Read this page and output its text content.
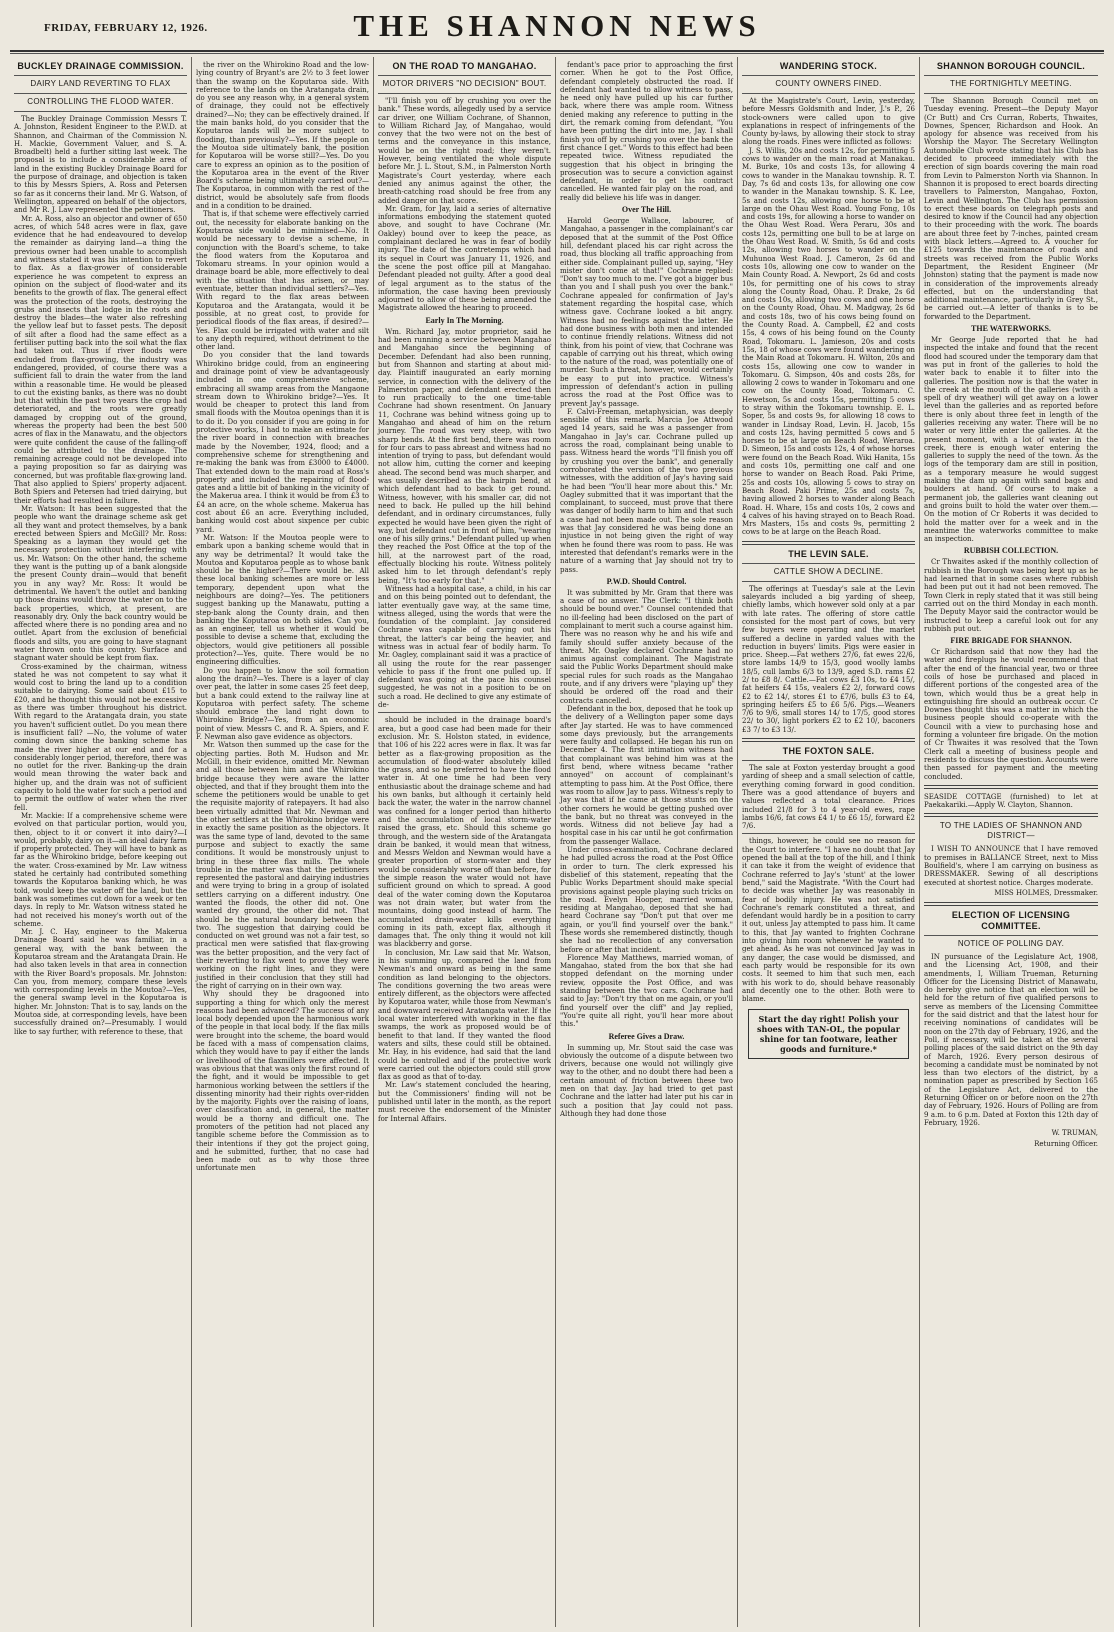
FRIDAY, FEBRUARY 12, 1926.	THE SHANNON NEWS
BUCKLEY DRAINAGE COMMISSION.
DAIRY LAND REVERTING TO FLAX
CONTROLLING THE FLOOD WATER.

The Buckley Drainage Commission Messrs T. A. Johnston, Resident Engineer to the P.W.D. at Shannon, and Chairman of the Commission N. H. Mackie, Government Valuer, and S. A. Broadbelt) held a further sitting last week. The proposal is to include a considerable area of land in the existing Buckley Drainage Board for the purpose of drainage, and objection is taken to this by Messrs Spiers, A. Ross and Petersen so far as it concerns their land. Mr G. Watson, of Wellington, appeared on behalf of the objectors, and Mr R. J. Law represented the petitioners.

Mr. A. Ross, also an objector and owner of 650 acres, of which 548 acres were in flax, gave evidence that he had endeavoured to develop the remainder as dairying land—a thing the previous owner had been unable to accomplish and witness stated it was his intention to revert to flax. As a flax-grower of considerable experience he was competent to express an opinion on the subject of flood-water and its benefits to the growth of flax. The general effect was the protection of the roots, destroying the grubs and insects that lodge in the roots and destroy the blades—the water also refreshing the yellow leaf but to fasset pests. The deposit of silt after a flood had the same effect as a fertiliser putting back into the soil what the flax had taken out. Thus if river floods were excluded from flax-growing, the industry was endangered, provided, of course there was a sufficient fall to drain the water from the land within a reasonable time. He would be pleased to cut the existing banks, as there was no doubt but that within the past two years the crop had deteriorated, and the roots were greatly damaged by cropping out of the ground, whereas the property had been the best 500 acres of flax in the Manawatu, and the objectors were quite confident the cause of the falling-off could be attributed to the drainage. The remaining acreage could not be developed into a paying proposition so far as dairying was concerned, but was profitable flax-growing land. That also applied to Spiers' property adjacent. Both Spiers and Petersen had tried dairying, but their efforts had resulted in failure.

Mr. Watson: It has been suggested that the people who want the drainage scheme ask get all they want and protect themselves, by a bank erected between Spiers and McGill? Mr. Ross: Speaking as a layman they would get the necessary protection without interfering with us. Mr. Watson: On the other hand, the scheme they want is the putting up of a bank alongside the present County drain—would that benefit you in any way? Mr. Ross: It would be detrimental. We haven't the outlet and banking up those drains would throw the water on to the back properties, which, at present, are reasonably dry. Only the back country would be affected where there is no ponding area and no outlet. Apart from the exclusion of beneficial floods and silts, you are going to have stagnant water thrown onto this country. Surface and stagnant water should be kept from flax.

Cross-examined by the chairman, witness stated he was not competent to say what it would cost to bring the land up to a condition suitable to dairying. Some said about £15 to £20, and he thought this would not be excessive as there was timber throughout his district. With regard to the Aratangata drain, you state you haven't sufficient outlet. Do you mean there is insufficient fall? —No, the volume of water coming down since the banking scheme has made the river higher at our end and for a considerably longer period, therefore, there was no outlet for the river. Banking-up the drain would mean throwing the water back and higher up, and the drain was not of sufficient capacity to hold the water for such a period and to permit the outflow of water when the river fell.

Mr. Mackie: If a comprehensive scheme were evolved on that particular portion, would you, then, object to it or convert it into dairy?—I would, probably, dairy on it—an ideal dairy farm if properly protected. They will have to bank as far as the Whirokino bridge, before keeping out the water. Cross-examined by Mr. Law witness stated he certainly had contributed something towards the Koputaroa banking which, he was told, would keep the water off the land, but the bank was sometimes cut down for a week or ten days. In reply to Mr. Watson witness stated he had not received his money's worth out of the scheme.

Mr. J. C. Hay, engineer to the Makerua Drainage Board said he was familiar, in a general way, with the bank between the Koputaroa stream and the Aratangata Drain. He had also taken levels in that area in connection with the River Board's proposals. Mr. Johnston: Can you, from memory, compare these levels with corresponding levels in the Moutoa?—Yes, the general swamp level in the Koputaroa is higher. Mr. Johnston: That is to say, lands on the Moutoa side, at corresponding levels, have been successfully drained on?—Presumably. I would like to say further, with reference to these, that

the river on the Whirokino Road and the low-lying country of Bryant's are 2½ to 3 feet lower than the swamp on the Koputaroa side. With reference to the lands on the Aratangata drain, do you see any reason why, in a general system of drainage, they could not be effectively drained?—No; they can be effectively drained. If the main banks hold, do you consider that the Koputaroa lands will be more subject to flooding, than previously?—Yes. If the people on the Moutoa side ultimately bank, the position for Koputaroa will be worse still?—Yes. Do you care to express an opinion as to the position of the Koputaroa area in the event of the River Board's scheme being ultimately carried out?—The Koputaroa, in common with the rest of the district, would be absolutely safe from floods and in a condition to be drained.

That is, if that scheme were effectively carried out, the necessity for elaborate banking on the Koputaroa side would be minimised—No. It would be necessary to devise a scheme, in conjunction with the Board's scheme, to take the flood waters from the Koputaroa and Tokomaru streams. In your opinion would a drainage board be able, more effectively to deal with the situation that has arisen, or may eventuate, better than individual settlers?—Yes. With regard to the flax areas between Koputaroa and the Aratangata, would it be possible, at no great cost, to provide for periodical floods of the flax areas, if desired?—Yes. Flax could be irrigated with water and silt to any depth required, without detriment to the other land.

Do you consider that the land towards Whirokino bridge could, from an engineering and drainage point of view be advantageously included in one comprehensive scheme, embracing all swamp areas from the Mangaone stream down to Whirokino bridge?—Yes. It would be cheaper to protect this land from small floods with the Moutoa openings than it is to do it. Do you consider if you are going in for protective works, I had to make an estimate for the river board in connection with breaches made by the November, 1924, flood; and a comprehensive scheme for strengthening and re-making the bank was from £3000 to £4000. That extended down to the main road at Ross's property and included the repairing of flood-gates and a little bit of banking in the vicinity of the Makerua area. I think it would be from £3 to £4 an acre, on the whole scheme. Makerua has cost about £6 an acre. Everything included, banking would cost about sixpence per cubic yard.

Mr. Watson: If the Moutoa people were to embark upon a banking scheme would that in any way be detrimental? It would take the Moutoa and Koputaroa people as to whose bank should be the higher?—There would be. All these local banking schemes are more or less temporary, dependent upon what the neighbours are doing?—Yes. The petitioners suggest banking up the Manawatu, putting a step-bank along the County drain, and then banking the Koputaroa on both sides. Can you, as an engineer, tell us whether it would be possible to devise a scheme that, excluding the objectors, would give petitioners all possible protection?—Yes, quite. There would be no engineering difficulties.

Do you happen to know the soil formation along the drain?—Yes. There is a layer of clay over peat, the latter in some cases 25 feet deep, but a bank could extend to the railway line at Koputaroa with perfect safety. The scheme should embrace the land right down to Whirokino Bridge?—Yes, from an economic point of view. Messrs C. and R. A. Spiers, and F. F. Newman also gave evidence as objectors.

Mr. Watson then summed up the case for the objecting parties. Both M. Hudson and Mr. McGill, in their evidence, omitted Mr. Newman and all those between him and the Whirokino bridge because they were aware the latter objected, and that if they brought them into the scheme the petitioners would be unable to get the requisite majority of ratepayers. It had also been virtually admitted that Mr. Newman and the other settlers at the Whirokino bridge were in exactly the same position as the objectors. It was the same type of land, devoted to the same purpose and subject to exactly the same conditions. It would be monstrously unjust to bring in these three flax mills. The whole trouble in the matter was that the petitioners represented the pastoral and dairying industries and were trying to bring in a group of isolated settlers carrying on a different industry. One wanted the floods, the other did not. One wanted dry ground, the other did not. That should be the natural boundary between the two. The suggestion that dairying could be conducted on wet ground was not a fair test, so practical men were satisfied that flax-growing was the better proposition, and the very fact of their reverting to flax went to prove they were working on the right lines, and they were justified in their conclusion that they still had the right of carrying on in their own way.

Why should they be dragooned into supporting a thing for which only the merest reasons had been advanced? The success of any local body depended upon the harmonious work of the people in that local body. If the flax mills were brought into the scheme, the board would be faced with a mass of compensation claims, which they would have to pay if either the lands or livelihood of the flaxmillers were affected. It was obvious that that was only the first round of the fight, and it would be impossible to get harmonious working between the settlers if the dissenting minority had their rights over-ridden by the majority. Fights over the raising of loans, over classification and, in general, the matter would be a thorny and difficult one. The promoters of the petition had not placed any tangible scheme before the Commission as to their intentions if they got the project going, and he submitted, further, that no case had been made out as to why those three unfortunate men

ON THE ROAD TO MANGAHAO.
MOTOR DRIVERS "NO DECISION" BOUT.

"I'll finish you off by crushing you over the bank." These words, allegedly used by a service car driver, one William Cochrane, of Shannon, to William Richard Jay, of Mangahao, would convey that the two were not on the best of terms and the conveyance in this instance, would be on the right road; they weren't. However, being ventilated the whole dispute before Mr. J. L. Stout, S.M., in Palmerston North Magistrate's Court yesterday, where each denied any animus against the other, the breath-catching road should be free from any added danger on that score.

Mr. Gram, for Jay, laid a series of alternative informations embodying the statement quoted above, and sought to have Cochrane (Mr. Oakley) bound over to keep the peace, as complainant declared he was in fear of bodily injury. The date of the contretemps which had its sequel in Court was January 11, 1926, and the scene the post office pill at Mangahao. Defendant pleaded not guilty. After a good deal of legal argument as to the status of the information, the case having been previously adjourned to allow of these being amended the Magistrate allowed the hearing to proceed.

Early In The Morning.

Wm. Richard Jay, motor proprietor, said he had been running a service between Mangahao and Mangahao since the beginning of December. Defendant had also been running, but from Shannon and starting at about mid-day. Plaintiff inaugurated an early morning service, in connection with the delivery of the Palmerston paper, and defendant erected then to run practically to the one time-table Cochrane had shown resentment. On January 11, Cochrane was behind witness going up to Mangahao and ahead of him on the return journey. The road was very steep, with two sharp bends. At the first bend, there was room for four cars to pass abreast and witness had no intention of trying to pass, but defendant would not allow him, cutting the corner and keeping ahead. The second bend was much sharper, and was usually described as the hairpin bend, at which defendant had to back to get round. Witness, however, with his smaller car, did not need to back. He pulled up the hill behind defendant, and in ordinary circumstances, fully expected he would have been given the right of way, but defendant cut in front of him, "wearing one of his silly grins." Defendant pulled up when they reached the Post Office at the top of the hill, at the narrowest part of the road, effectually blocking his route. Witness politely asked him to let through defendant's reply being, "It's too early for that."

Witness had a hospital case, a child, in his car and on this being pointed out to defendant, the latter eventually gave way, at the same time, witness alleged, using the words that were the foundation of the complaint. Jay considered Cochrane was capable of carrying out his threat, the latter's car being the heavier, and witness was in actual fear of bodily harm. To Mr. Oagley, complainant said it was a practice of all using the route for the rear passenger vehicle to pass if the front one pulled up. If defendant was going at the pace his counsel suggested, he was not in a position to be on such a road. He declined to give any estimate of de-

should be included in the drainage board's area, but a good case had been made for their exclusion. Mr. S. Holston stated, in evidence, that 106 of his 222 acres were in flax. It was far better as a flax-growing proposition as the accumulation of flood-water absolutely killed the grass, and so he preferred to have the flood water in. At one time he had been very enthusiastic about the drainage scheme and had his own banks, but although it certainly held back the water, the water in the narrow channel was confined for a longer period than hitherto and the accumulation of local storm-water raised the grass, etc. Should this scheme go through, and the western side of the Aratangata drain be banked, it would mean that witness, and Messrs Weldon and Newman would have a greater proportion of storm-water and they would be considerably worse off than before, for the simple reason the water would not have sufficient ground on which to spread. A good deal of the water coming down the Koputaroa was not drain water, but water from the mountains, doing good instead of harm. The accumulated drain-water kills everything coming in its path, except flax, although it damages that. The only thing it would not kill was blackberry and gorse.

In conclusion, Mr. Law said that Mr. Watson, in his summing up, compared the land from Newman's and onward as being in the same condition as land belonging to the objectors. The conditions governing the two areas were entirely different, as the objectors were affected by Koputaroa water, while those from Newman's and downward received Aratangata water. If the local water interfered with working in the flax swamps, the work as proposed would be of benefit to that land. If they wanted the flood waters and silts, these could still be obtained. Mr. Hay, in his evidence, had said that the land could be controlled and if the protective work were carried out the objectors could still grow flax as good as that of to-day.

Mr. Law's statement concluded the hearing, but the Commissioners' finding will not be published until later in the month, as the report must receive the endorsement of the Minister for Internal Affairs.

fendant's pace prior to approaching the first corner. When he got to the Post Office, defendant completely obstructed the road. If defendant had wanted to allow witness to pass, he need only have pulled up his car further back, where there was ample room. Witness denied making any reference to putting in the dirt, the remark coming from defendant, "You have been putting the dirt into me, Jay. I shall finish you off by crushing you over the bank the first chance I get." Words to this effect had been repeated twice. Witness repudiated the suggestion that his object in bringing the prosecution was to secure a conviction against defendant, in order to get his contract cancelled. He wanted fair play on the road, and really did believe his life was in danger.

Over The Hill.

Harold George Wallace, labourer, of Mangahao, a passenger in the complainant's car deposed that at the summit of the Post Office hill, defendant placed his car right across the road, thus blocking all traffic approaching from either side. Complainant pulled up, saying, "Hey mister don't come at that!" Cochrane replied: "Don't say too much to me. I've got a bigger bus than you and I shall push you over the bank." Cochrane appealed for confirmation of Jay's statement regarding the hospital case, which witness gave. Cochrane looked a bit angry. Witness had no feelings against the latter. He had done business with both men and intended to continue friendly relations. Witness did not think, from his point of view, that Cochrane was capable of carrying out his threat, which owing to the nature of the road, was potentially one of murder. Such a threat, however, would certainly be easy to put into practice. Witness's impression of defendant's action in pulling across the road at the Post Office was to prevent Jay's passage.

F. Calvi-Freeman, metaphysician, was deeply sensible of this remark. Marcia Joe Attwood aged 14 years, said he was a passenger from Mangahao in Jay's car. Cochrane pulled up across the road, complainant being unable to pass. Witness heard the words "I'll finish you off by crushing you over the bank", and generally corroborated the version of the two previous witnesses, with the addition of Jay's having said he had been "You'll hear more about this." Mr. Oagley submitted that it was important that the complainant, to succeed, must prove that there was danger of bodily harm to him and that such a case had not been made out. The sole reason was that Jay considered he was being done an injustice in not being given the right of way when he found there was room to pass. He was interested that defendant's remarks were in the nature of a warning that Jay should not try to pass.

P.W.D. Should Control.

It was submitted by Mr. Gram that there was a case of no answer. The Clerk: "I think both should be bound over." Counsel contended that no ill-feeling had been disclosed on the part of complainant to merit such a course against him. There was no reason why he and his wife and family should suffer anxiety because of the threat. Mr. Oagley declared Cochrane had no animus against complainant. The Magistrate said the Public Works Department should make special rules for such roads as the Mangahao route, and if any drivers were "playing up" they should be ordered off the road and their contracts cancelled.

Defendant in the box, deposed that he took up the delivery of a Wellington paper some days after Jay started. He was to have commenced some days previously, but the arrangements were faulty and collapsed. He began his run on December 4. The first intimation witness had that complainant was behind him was at the first bend, where witness became "rather annoyed" on account of complainant's attempting to pass him. At the Post Office, there was room to allow Jay to pass. Witness's reply to Jay was that if he came at those stunts on the other corners he would be getting pushed over the bank, but no threat was conveyed in the words. Witness did not believe Jay had a hospital case in his car until he got confirmation from the passenger Wallace.

Under cross-examination, Cochrane declared he had pulled across the road at the Post Office in order to turn. The clerk expressed his disbelief of this statement, repeating that the Public Works Department should make special provisions against people playing such tricks on the road. Evelyn Hooper, married woman, residing at Mangahao, deposed that she had heard Cochrane say "Don't put that over me again, or you'll find yourself over the bank." These words she remembered distinctly, though she had no recollection of any conversation before or after that incident.

Florence May Matthews, married woman, of Mangahao, stated from the box that she had stopped defendant on the morning under review, opposite the Post Office, and was standing between the two cars. Cochrane had said to Jay: "Don't try that on me again, or you'll find yourself over the cliff" and Jay replied, "You're quite all right, you'll hear more about this."

Referee Gives a Draw.

In summing up, Mr. Stout said the case was obviously the outcome of a dispute between two drivers, because one would not willingly give way to the other, and no doubt there had been a certain amount of friction between these two men on that day. Jay had tried to get past Cochrane and the latter had later put his car in such a position that Jay could not pass. Although they had done those

WANDERING STOCK.
COUNTY OWNERS FINED.

At the Magistrate's Court, Levin, yesterday, before Messrs Goldsmith and Inder, J.'s P., 26 stock-owners were called upon to give explanations in respect of infringements of the County by-laws, by allowing their stock to stray along the roads. Fines were inflicted as follows:

J. S. Willis, 20s and costs 12s, for permitting 5 cows to wander on the main road at Manakau. M. Burke, 10s and costs 13s, for allowing 4 cows to wander in the Manakau township. R. T. Day, 7s 6d and costs 13s, for allowing one cow to wander in the Manakau township. S. K. Lee, 5s and costs 12s, allowing one horse to be at large on the Ohau West Road. Young Fong, 10s and costs 19s, for allowing a horse to wander on the Ohau West Road. Wera Peraru, 30s and costs 12s, permitting one bull to be at large on the Ohau West Road. W. Smith, 5s 6d and costs 12s, allowing two horses to wander on the Muhunoa West Road. J. Cameron, 2s 6d and costs 10s, allowing one cow to wander on the Main County Road. A. Newport, 2s 6d and costs 10s, for permitting one of his cows to stray along the County Road, Ohau. P. Drake, 2s 6d and costs 10s, allowing two cows and one horse on the County Road, Ohau. M. Madgway, 2s 6d and costs 18s, two of his cows being found on the County Road. A. Campbell, £2 and costs 15s, 4 cows of his being found on the County Road, Tokomaru. L. Jamieson, 20s and costs 15s, 18 of whose cows were found wandering on the Main Road at Tokomaru. H. Wilton, 20s and costs 15s, allowing one cow to wander in Tokomaru. G. Simpson, 40s and costs 28s, for allowing 2 cows to wander in Tokomaru and one cow on the County Road, Tokomaru. C. Hewetson, 5s and costs 15s, permitting 5 cows to stray within the Tokomaru township. E. L. Soper, 5s and costs 9s, for allowing 18 cows to wander in Lindsay Road, Levin. H. Jacob, 15s and costs 12s, having permitted 5 cows and 5 horses to be at large on Beach Road, Weraroa. D. Simeon, 15s and costs 12s, 4 of whose horses were found on the Beach Road. Wiki Hanita, 15s and costs 10s, permitting one calf and one horse to wander on Beach Road. Paki Prime, 25s and costs 10s, allowing 5 cows to stray on Beach Road. Paki Prime, 25s and costs 7s, having allowed 2 horses to wander along Beach Road. H. Whare, 15s and costs 10s, 2 cows and 4 calves of his having strayed on to Beach Road. Mrs Masters, 15s and costs 9s, permitting 2 cows to be at large on the Beach Road.

THE LEVIN SALE.
CATTLE SHOW A DECLINE.

The offerings at Tuesday's sale at the Levin saleyards included a big yarding of sheep, chiefly lambs, which however sold only at a par with late rates. The offering of store cattle consisted for the most part of cows, but very few buyers were operating and the market suffered a decline in yarded values with the reduction in buyers' limits. Pigs were easier in price. Sheep.—Fat wethers 27/6, fat ewes 22/6, store lambs 14/9 to 15/3, good woolly lambs 18/5, cull lambs 6/3 to 13/9, aged S.D. rams £2 2/ to £8 8/. Cattle.—Fat cows £3 10s, to £4 15/, fat heifers £4 15s, vealers £2 2/, forward cows £2 to £2 14/, stores £1 to £7/6, bulls £3 to £4, springing heifers £5 to £6 5/6. Pigs.—Weaners 7/6 to 9/6, small stores 14/ to 17/5, good stores 22/ to 30/, light porkers £2 to £2 10/, baconers £3 7/ to £3 13/.

THE FOXTON SALE.

The sale at Foxton yesterday brought a good yarding of sheep and a small selection of cattle, everything coming forward in good condition. There was a good attendance of buyers and values reflected a total clearance. Prices included 21/8 for 3 to 4 year-old ewes, rape lambs 16/6, fat cows £4 1/ to £6 15/, forward £2 7/6.

things, however, he could see no reason for the Court to interfere. "I have no doubt that Jay opened the ball at the top of the hill, and I think it can take it from the weight of evidence that Cochrane referred to Jay's 'stunt' at the lower bend," said the Magistrate. "With the Court had to decide was whether Jay was reasonably in fear of bodily injury. He was not satisfied Cochrane's remark constituted a threat, and defendant would hardly be in a position to carry it out, unless Jay attempted to pass him. It came to this, that Jay wanted to frighten Cochrane into giving him room whenever he wanted to get ahead. As he was not convinced Jay was in any danger, the case would be dismissed, and each party would be responsible for its own costs. It seemed to him that such men, each with his work to do, should behave reasonably and decently one to the other. Both were to blame.

Start the day right! Polish your shoes with TAN-OL, the popular shine for tan footware, leather goods and furniture.*
SHANNON BOROUGH COUNCIL.
THE FORTNIGHTLY MEETING.

The Shannon Borough Council met on Tuesday evening. Present—the Deputy Mayor (Cr Butt) and Crs Curran, Roberts, Thwaites, Downes, Spencer, Richardson and Hook. An apology for absence was received from his Worship the Mayor. The Secretary Wellington Automobile Club wrote stating that his Club has decided to proceed immediately with the erection of sign boards covering the main road from Levin to Palmerston North via Shannon. In Shannon it is proposed to erect boards directing travellers to Palmerston, Mangahao, Foxton, Levin and Wellington. The Club has permission to erect these boards on telegraph posts and desired to know if the Council had any objection to their proceeding with the work. The boards are about three feet by 7-inches, painted cream with black letters.—Agreed to. A voucher for £125 towards the maintenance of roads and streets was received from the Public Works Department, the Resident Engineer (Mr Johnston) stating that the payment is made now in consideration of the improvements already effected, but on the understanding that additional maintenance, particularly in Grey St., be carried out.—A letter of thanks is to be forwarded to the Department.

THE WATERWORKS.

Mr George Jude reported that he had inspected the intake and found that the recent flood had scoured under the temporary dam that was put in front of the galleries to hold the water back to enable it to filter into the galleries. The position now is that the water in the creek at the mouth of the galleries (with a spell of dry weather) will get away on a lower level than the galleries and as reported before there is only about three feet in length of the galleries receiving any water. There will be no water or very little enter the galleries. At the present moment, with a lot of water in the creek, there is enough water entering the galleries to supply the need of the town. As the logs of the temporary dam are still in position, as a temporary measure he would suggest making the dam up again with sand bags and boulders at hand. Of course to make a permanent job, the galleries want cleaning out and groins built to hold the water over them.—On the motion of Cr Roberts it was decided to hold the matter over for a week and in the meantime the waterworks committee to make an inspection.

RUBBISH COLLECTION.

Cr Thwaites asked if the monthly collection of rubbish in the Borough was being kept up as he had learned that in some cases where rubbish had been put out it had not been removed. The Town Clerk in reply stated that it was still being carried out on the third Monday in each month. The Deputy Mayor said the contractor would be instructed to keep a careful look out for any rubbish put out.

FIRE BRIGADE FOR SHANNON.

Cr Richardson said that now they had the water and fireplugs he would recommend that after the end of the financial year, two or three coils of hose be purchased and placed in different portions of the congested area of the town, which would thus be a great help in extinguishing fire should an outbreak occur. Cr Downes thought this was a matter in which the business people should co-operate with the Council with a view to purchasing hose and forming a volunteer fire brigade. On the motion of Cr Thwaites it was resolved that the Town Clerk call a meeting of business people and residents to discuss the question. Accounts were then passed for payment and the meeting concluded.

SEASIDE COTTAGE (furnished) to let at Paekakariki.—Apply W. Clayton, Shannon.

TO THE LADIES OF SHANNON AND DISTRICT—

I WISH TO ANNOUNCE that I have removed to premises in BALLANCE Street, next to Miss Boulfield's, where I am carrying on business as DRESSMAKER. Sewing of all descriptions executed at shortest notice. Charges moderate.

MISS HOLMES, Dressmaker.
ELECTION OF LICENSING COMMITTEE.
NOTICE OF POLLING DAY.

IN pursuance of the Legislature Act, 1908, and the Licensing Act, 1908, and their amendments, I, William Trueman, Returning Officer for the Licensing District of Manawatu, do hereby give notice that an election will be held for the return of five qualified persons to serve as members of the Licensing Committee for the said district and that the latest hour for receiving nominations of candidates will be noon on the 27th day of February, 1926, and the Poll, if necessary, will be taken at the several polling places of the said district on the 9th day of March, 1926. Every person desirous of becoming a candidate must be nominated by not less than two electors of the district, by a nomination paper as prescribed by Section 165 of the Legislature Act, delivered to the Returning Officer on or before noon on the 27th day of February, 1926. Hours of Polling are from 9 a.m. to 6 p.m. Dated at Foxton this 12th day of February, 1926.

W. TRUMAN,
Returning Officer.
